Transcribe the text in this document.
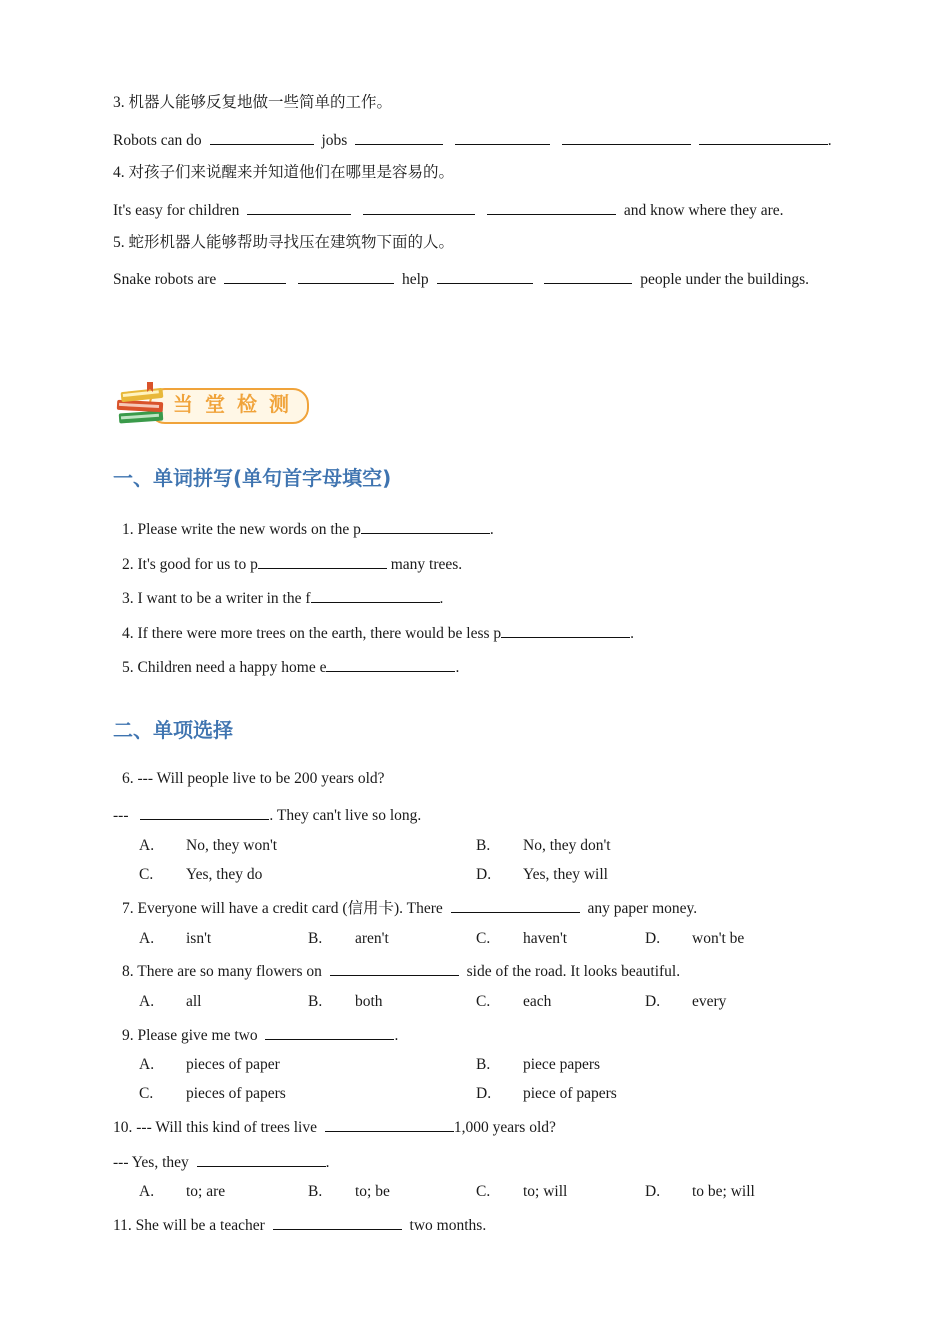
3. 机器人能够反复地做一些简单的工作。
Robots can do	jobs	.
4. 对孩子们来说醒来并知道他们在哪里是容易的。
It's easy for children	and know where they are.
5. 蛇形机器人能够帮助寻找压在建筑物下面的人。
Snake robots are	help	people under the buildings.
当堂检测
一、单词拼写(单句首字母填空)
1. Please write the new words on the p	.
2. It's good for us to p	many trees.
3. I want to be a writer in the f	.
4. If there were more trees on the earth, there would be less p	.
5. Children need a happy home e	.
二、单项选择
6. --- Will people live to be 200 years old?
---	. They can't live so long.
A. No, they won't	B. No, they don't
C. Yes, they do	D. Yes, they will
7. Everyone will have a credit card (信用卡). There	any paper money.
A. isn't	B. aren't	C. haven't	D. won't be
8. There are so many flowers on	side of the road. It looks beautiful.
A. all	B. both	C. each	D. every
9. Please give me two	.
A. pieces of paper	B. piece papers
C. pieces of papers	D. piece of papers
10. --- Will this kind of trees live	1,000 years old?
--- Yes, they	.
A. to; are	B. to; be	C. to; will	D. to be; will
11. She will be a teacher	two months.
